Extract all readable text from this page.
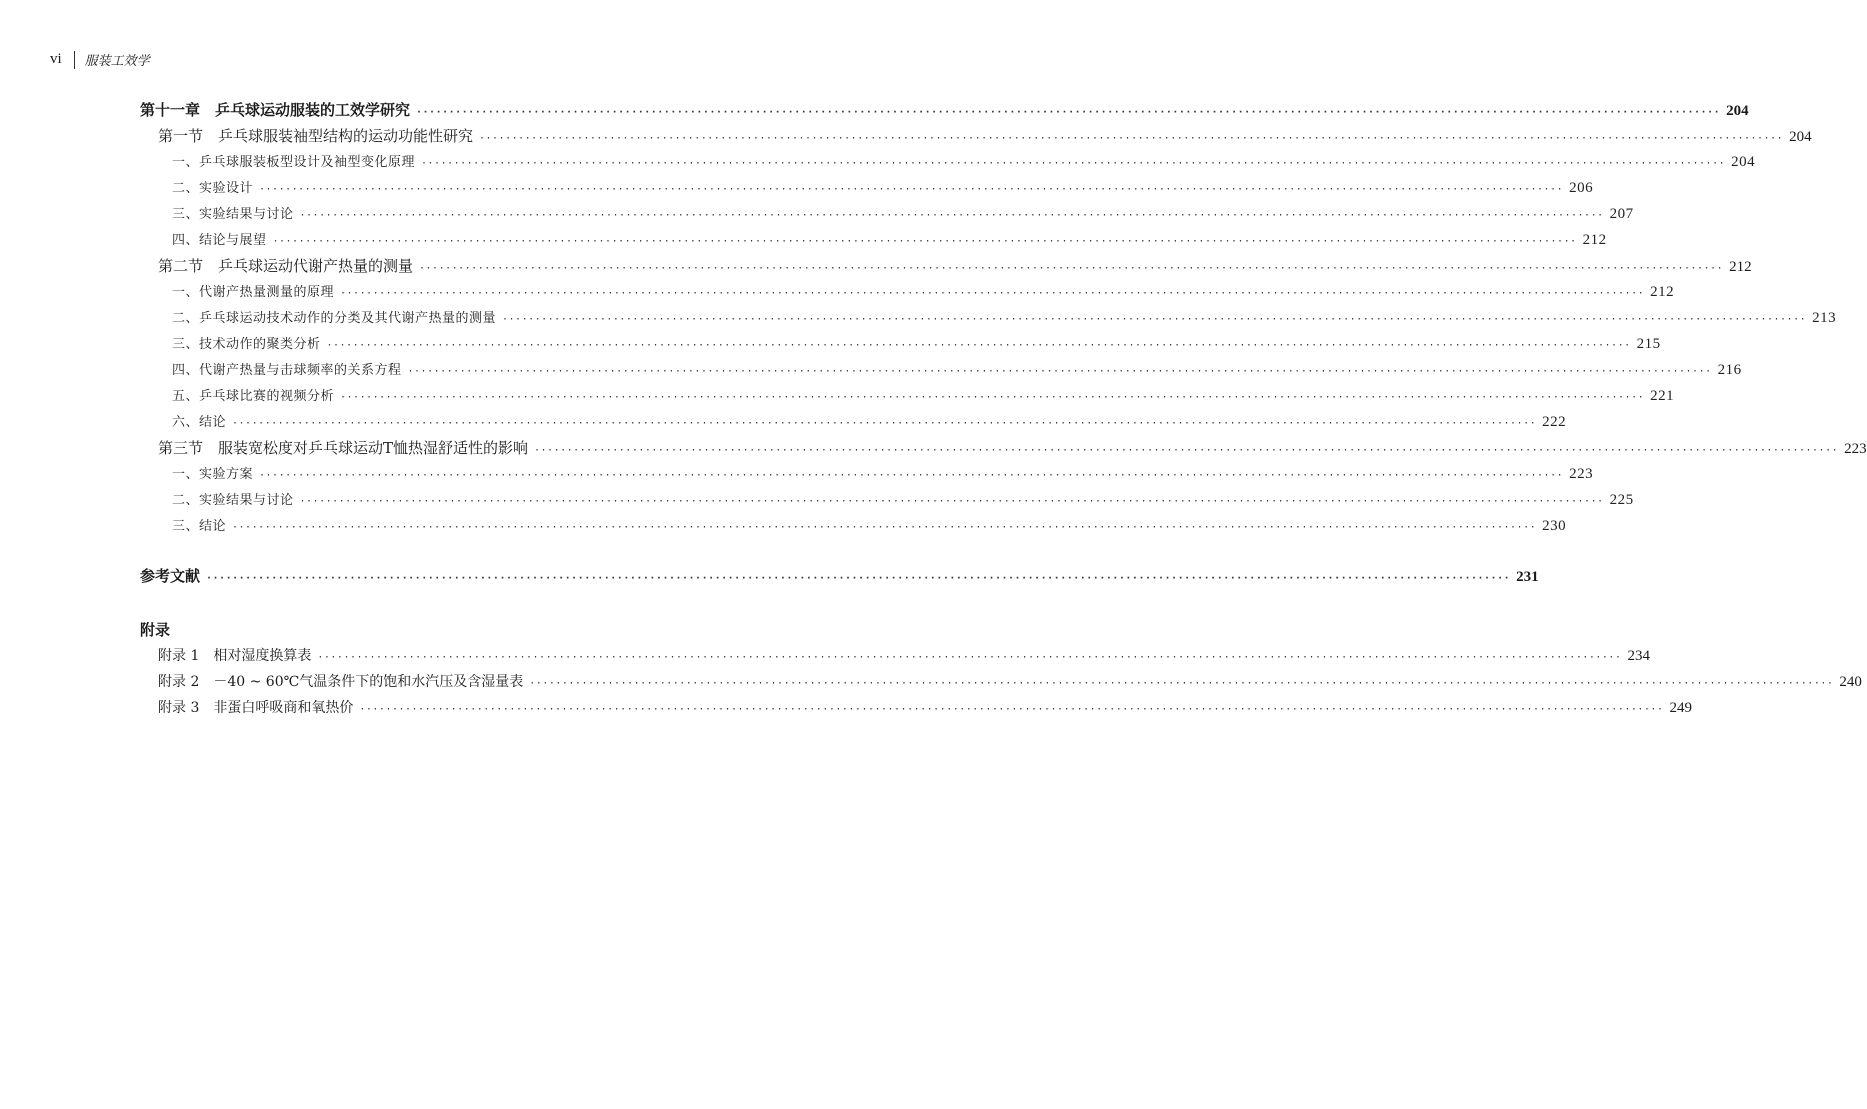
vi 服装工效学
第十一章　乒乓球运动服装的工效学研究 ········································································································································································································ 204
第一节　乒乓球服装袖型结构的运动功能性研究 ········································································································································································································ 204
一、乒乓球服装板型设计及袖型变化原理 ········································································································································································································ 204
二、实验设计 ········································································································································································································ 206
三、实验结果与讨论 ········································································································································································································ 207
四、结论与展望 ········································································································································································································ 212
第二节　乒乓球运动代谢产热量的测量 ········································································································································································································ 212
一、代谢产热量测量的原理 ········································································································································································································ 212
二、乒乓球运动技术动作的分类及其代谢产热量的测量 ········································································································································································································ 213
三、技术动作的聚类分析 ········································································································································································································ 215
四、代谢产热量与击球频率的关系方程 ········································································································································································································ 216
五、乒乓球比赛的视频分析 ········································································································································································································ 221
六、结论 ········································································································································································································ 222
第三节　服装宽松度对乒乓球运动T恤热湿舒适性的影响 ········································································································································································································ 223
一、实验方案 ········································································································································································································ 223
二、实验结果与讨论 ········································································································································································································ 225
三、结论 ········································································································································································································ 230
参考文献 ········································································································································································································ 231
附录
附录 1　相对湿度换算表 ········································································································································································································ 234
附录 2　－40 ~ 60℃气温条件下的饱和水汽压及含湿量表 ········································································································································································································ 240
附录 3　非蛋白呼吸商和氧热价 ········································································································································································································ 249
